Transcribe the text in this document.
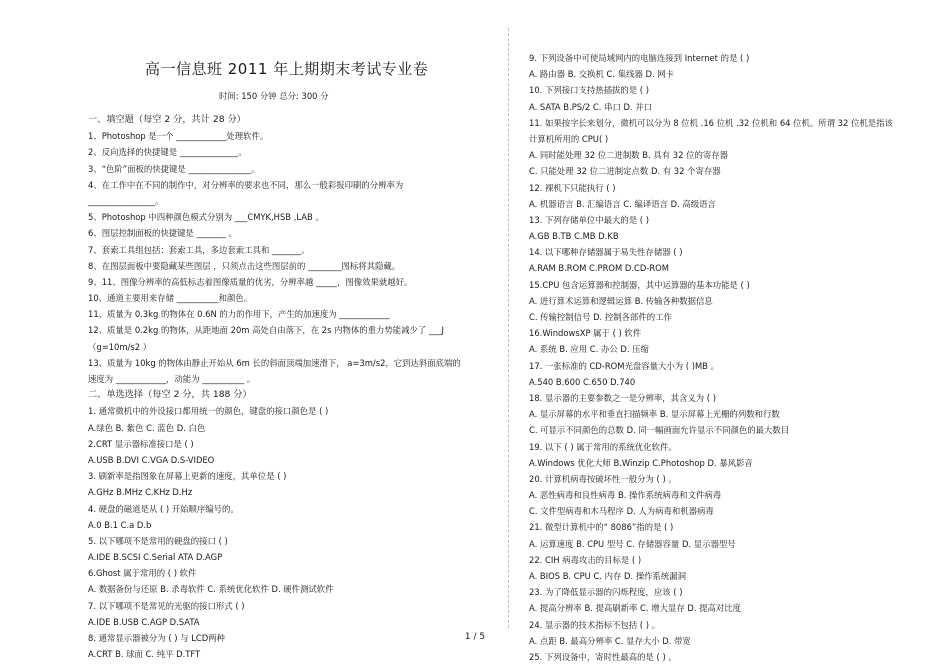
高一信息班 2011 年上期期末考试专业卷
时间: 150 分钟 总分: 300 分
一、填空题（每空 2 分，共计 28 分）
1、Photoshop 是一个 ____________处理软件。
2、反向选择的快捷键是 ______________。
3、“色阶”面板的快捷键是 _______________。
4、在工作中在不同的制作中，对分辨率的要求也不同，那么一般彩报印刷的分辨率为
________________。
5、Photoshop 中四种颜色模式分别为 ___CMYK,HSB ,LAB 。
6、图层控制面板的快捷键是 _______ 。
7、套索工具组包括：套索工具，多边套索工具和 _______。
8、在图层面板中要隐藏某些图层 ，只须点击这些图层前的 ________图标将其隐藏。
9、11、图像分辨率的高低标志着图像质量的优劣，分辨率越 _____，图像效果就越好。
10、通道主要用来存储 __________和颜色。
11、质量为 0.3kg 的物体在 0.6N 的力的作用下，产生的加速度为 ____________
12、质量是 0.2kg 的物体，从距地面 20m 高处自由落下，在 2s 内物体的重力势能减少了 ___J
（g=10m/s2 ）
13、质量为 10kg 的物体由静止开始从 6m 长的斜面顶端加速滑下， a=3m/s2，它到达斜面底端的
速度为 ____________，动能为 __________ 。
二、单选选择（每空 2 分，共 188 分）
1. 通常微机中的外设接口都用统一的颜色，键盘的接口颜色是 ( )
A.绿色 B. 紫色 C. 蓝色 D. 白色
2.CRT 显示器标准接口是 ( )
A.USB B.DVI C.VGA D.S-VIDEO
3. 刷新率是指图象在屏幕上更新的速度，其单位是 ( )
A.GHz B.MHz C.KHz D.Hz
4. 硬盘的磁道是从 ( ) 开始顺序编号的。
A.0 B.1 C.a D.b
5. 以下哪项不是常用的硬盘的接口 ( )
A.IDE B.SCSI C.Serial ATA D.AGP
6.Ghost 属于常用的 ( ) 软件
A. 数据备份与还原 B. 杀毒软件 C. 系统优化软件 D. 硬件测试软件
7. 以下哪项不是常见的光驱的接口形式 ( )
A.IDE B.USB C.AGP D.SATA
8. 通常显示器被分为 ( ) 与 LCD两种
A.CRT B. 球面 C. 纯平 D.TFT
9. 下列设备中可使局域网内的电脑连接到 Internet 的是 ( )
A. 路由器 B. 交换机 C. 集线器 D. 网卡
10. 下列接口支持热插拔的是 ( )
A. SATA B.PS/2 C. 串口 D. 并口
11. 如果按字长来划分，微机可以分为 8 位机 .16 位机 .32 位机和 64 位机。所谓 32 位机是指该
计算机所用的 CPU( )
A. 同时能处理 32 位二进制数 B. 具有 32 位的寄存器
C. 只能处理 32 位二进制定点数 D. 有 32 个寄存器
12. 裸机下只能执行 ( )
A. 机器语言 B. 汇编语言 C. 编译语言 D. 高级语言
13. 下列存储单位中最大的是 ( )
A.GB B.TB C.MB D.KB
14. 以下哪种存储器属于易失性存储器 ( )
A.RAM B.ROM C.PROM D.CD-ROM
15.CPU 包含运算器和控制器，其中运算器的基本功能是 ( )
A. 进行算术运算和逻辑运算 B. 传输各种数据信息
C. 传输控制信号 D. 控制各部件的工作
16.WindowsXP 属于 ( ) 软件
A. 系统 B. 应用 C. 办公 D. 压缩
17. 一张标准的 CD-ROM光盘容量大小为 ( )MB 。
A.540 B.600 C.650 D.740
18. 显示器的主要参数之一是分辨率，其含义为 ( )
A. 显示屏幕的水平和垂直扫描频率 B. 显示屏幕上光栅的列数和行数
C. 可显示不同颜色的总数 D. 同一幅画面允许显示不同颜色的最大数目
19. 以下 ( ) 属于常用的系统优化软件。
A.Windows 优化大师 B.Winzip C.Photoshop D. 暴风影音
20. 计算机病毒按破坏性一般分为 ( ) 。
A. 恶性病毒和良性病毒 B. 操作系统病毒和文件病毒
C. 文件型病毒和木马程序 D. 人为病毒和机器病毒
21. 微型计算机中的“ 8086”指的是 ( )
A. 运算速度 B. CPU 型号 C. 存储器容量 D. 显示器型号
22. CIH 病毒攻击的目标是 ( )
A. BIOS B. CPU C. 内存 D. 操作系统漏洞
23. 为了降低显示器的闪烁程度，应该 ( )
A. 提高分辨率 B. 提高刷新率 C. 增大显存 D. 提高对比度
24. 显示器的技术指标不包括 ( ) 。
A. 点距 B. 最高分辨率 C. 显存大小 D. 带宽
25. 下列设备中，寄时性最高的是 ( ) 。
1 / 5
